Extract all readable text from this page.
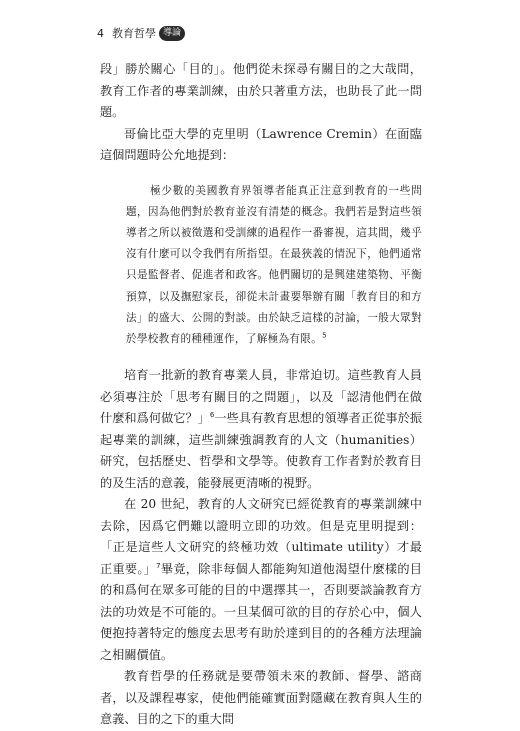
4 教育哲學 導論

段」勝於關心「目的」。他們從未探尋有關目的之大哉問，教育工作者的專業訓練，由於只著重方法，也助長了此一問題。

哥倫比亞大學的克里明（Lawrence Cremin）在面臨這個問題時公允地提到：

極少數的美國教育界領導者能真正注意到教育的一些問題，因為他們對於教育並沒有清楚的概念。我們若是對這些領導者之所以被徵選和受訓練的過程作一番審視，這其間，幾乎沒有什麼可以令我們有所指望。在最狹義的情況下，他們通常只是監督者、促進者和政客。他們關切的是興建建築物、平衡預算，以及撫慰家長，卻從未計畫要舉辦有關「教育目的和方法」的盛大、公開的對談。由於缺乏這樣的討論，一般大眾對於學校教育的種種運作，了解極為有限。$^5$

培育一批新的教育專業人員，非常迫切。這些教育人員必須專注於「思考有關目的之問題」，以及「認清他們在做什麼和爲何做它？」$^6$一些具有教育思想的領導者正從事於振起專業的訓練，這些訓練強調教育的人文（humanities）研究，包括歷史、哲學和文學等。使教育工作者對於教育目的及生活的意義，能發展更清晰的視野。

在 20 世紀，教育的人文研究已經從教育的專業訓練中去除，因爲它們難以證明立即的功效。但是克里明提到：「正是這些人文研究的終極功效（ultimate utility）才最正重要。」$^7$畢竟，除非每個人都能夠知道他渴望什麼樣的目的和爲何在眾多可能的目的中選擇其一，否則要談論教育方法的功效是不可能的。一旦某個可欲的目的存於心中，個人便抱持著特定的態度去思考有助於達到目的的各種方法理論之相關價值。

教育哲學的任務就是要帶領未來的教師、督學、諮商者，以及課程專家，使他們能確實面對隱藏在教育與人生的意義、目的之下的重大問
